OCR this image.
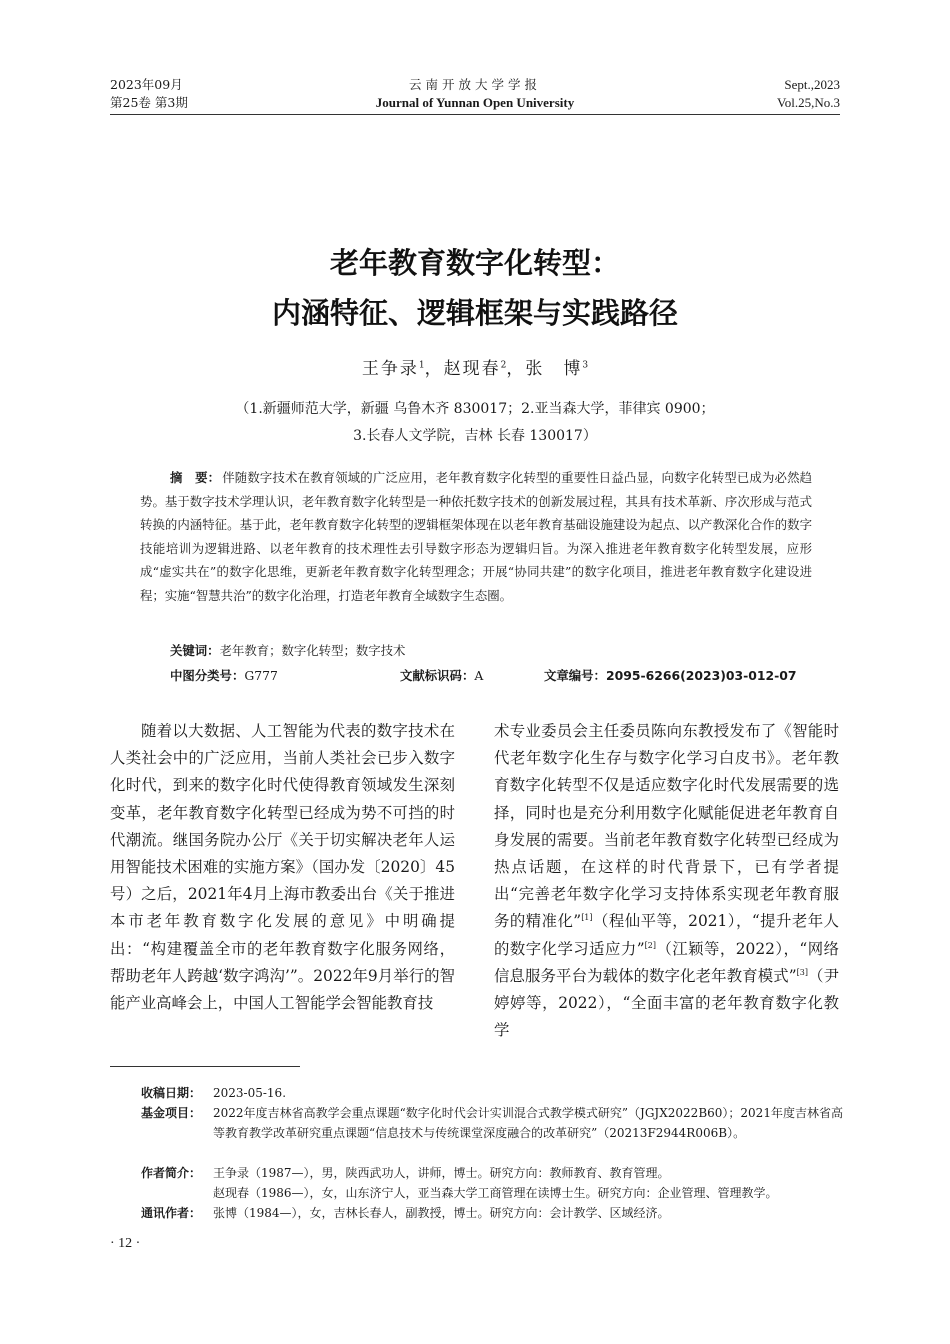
2023年09月
第25卷 第3期
云南开放大学学报
Journal of Yunnan Open University
Sept.,2023
Vol.25,No.3
老年教育数字化转型：
内涵特征、逻辑框架与实践路径
王争录$^1$，赵现春$^2$，张　博$^3$
（1.新疆师范大学，新疆 乌鲁木齐 830017；2.亚当森大学，菲律宾 0900；
3.长春人文学院，吉林 长春 130017）

摘　要： 伴随数字技术在教育领域的广泛应用，老年教育数字化转型的重要性日益凸显，向数字化转型已成为必然趋势。基于数字技术学理认识，老年教育数字化转型是一种依托数字技术的创新发展过程，其具有技术革新、序次形成与范式转换的内涵特征。基于此，老年教育数字化转型的逻辑框架体现在以老年教育基础设施建设为起点、以产教深化合作的数字技能培训为逻辑进路、以老年教育的技术理性去引导数字形态为逻辑归旨。为深入推进老年教育数字化转型发展，应形成“虚实共在”的数字化思维，更新老年教育数字化转型理念；开展“协同共建”的数字化项目，推进老年教育数字化建设进程；实施“智慧共治”的数字化治理，打造老年教育全域数字生态圈。

关键词：老年教育；数字化转型；数字技术
中图分类号：G777	文献标识码：A	文章编号：2095-6266(2023)03-012-07

随着以大数据、人工智能为代表的数字技术在人类社会中的广泛应用，当前人类社会已步入数字化时代，到来的数字化时代使得教育领域发生深刻变革，老年教育数字化转型已经成为势不可挡的时代潮流。继国务院办公厅《关于切实解决老年人运用智能技术困难的实施方案》（国办发〔2020〕45号）之后，2021年4月上海市教委出台《关于推进本市老年教育数字化发展的意见》中明确提出：“构建覆盖全市的老年教育数字化服务网络，帮助老年人跨越‘数字鸿沟’”。2022年9月举行的智能产业高峰会上，中国人工智能学会智能教育技

术专业委员会主任委员陈向东教授发布了《智能时代老年数字化生存与数字化学习白皮书》。老年教育数字化转型不仅是适应数字化时代发展需要的选择，同时也是充分利用数字化赋能促进老年教育自身发展的需要。当前老年教育数字化转型已经成为热点话题，在这样的时代背景下，已有学者提出“完善老年数字化学习支持体系实现老年教育服务的精准化”[1]（程仙平等，2021），“提升老年人的数字化学习适应力”[2]（江颖等，2022），“网络信息服务平台为载体的数字化老年教育模式”[3]（尹婷婷等，2022），“全面丰富的老年教育数字化教学

收稿日期： 2023-05-16.
基金项目： 2022年度吉林省高教学会重点课题“数字化时代会计实训混合式教学模式研究”（JGJX2022B60）；2021年度吉林省高等教育教学改革研究重点课题“信息技术与传统课堂深度融合的改革研究”（20213F2944R006B）。
作者简介： 王争录（1987—），男，陕西武功人，讲师，博士。研究方向：教师教育、教育管理。
赵现春（1986—），女，山东济宁人，亚当森大学工商管理在读博士生。研究方向：企业管理、管理教学。
通讯作者： 张博（1984—），女，吉林长春人，副教授，博士。研究方向：会计教学、区域经济。
· 12 ·
